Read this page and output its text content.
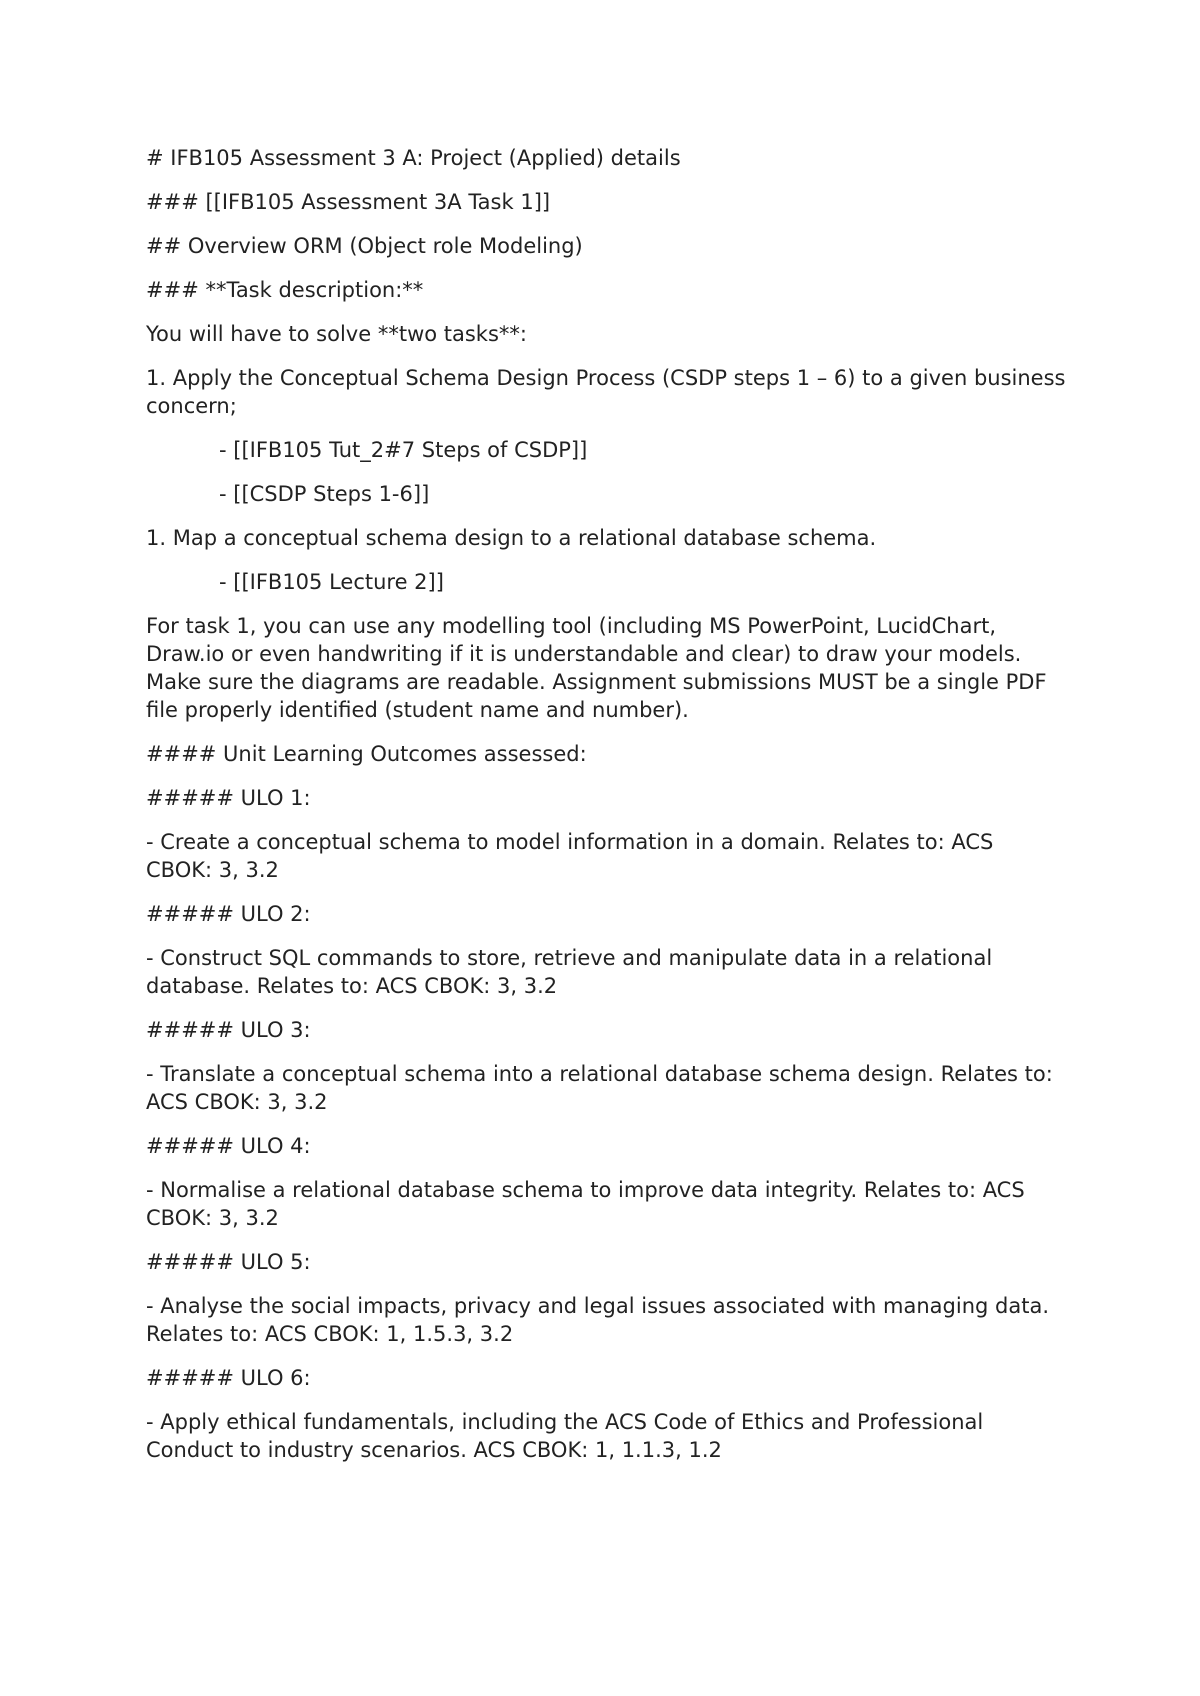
# IFB105 Assessment 3 A: Project (Applied) details

### [[IFB105 Assessment 3A Task 1]]

## Overview ORM (Object role Modeling)

### **Task description:**

You will have to solve **two tasks**:

1. Apply the Conceptual Schema Design Process (CSDP steps 1 – 6) to a given business concern;

- [[IFB105 Tut_2#7 Steps of CSDP]]

- [[CSDP Steps 1-6]]

1. Map a conceptual schema design to a relational database schema.

- [[IFB105 Lecture 2]]

For task 1, you can use any modelling tool (including MS PowerPoint, LucidChart, Draw.io or even handwriting if it is understandable and clear) to draw your models. Make sure the diagrams are readable. Assignment submissions MUST be a single PDF file properly identified (student name and number).

#### Unit Learning Outcomes assessed:

##### ULO 1:

- Create a conceptual schema to model information in a domain. Relates to: ACS CBOK: 3, 3.2

##### ULO 2:

- Construct SQL commands to store, retrieve and manipulate data in a relational database. Relates to: ACS CBOK: 3, 3.2

##### ULO 3:

- Translate a conceptual schema into a relational database schema design. Relates to: ACS CBOK: 3, 3.2

##### ULO 4:

- Normalise a relational database schema to improve data integrity. Relates to: ACS CBOK: 3, 3.2

##### ULO 5:

- Analyse the social impacts, privacy and legal issues associated with managing data. Relates to: ACS CBOK: 1, 1.5.3, 3.2

##### ULO 6:

- Apply ethical fundamentals, including the ACS Code of Ethics and Professional Conduct to industry scenarios. ACS CBOK: 1, 1.1.3, 1.2
